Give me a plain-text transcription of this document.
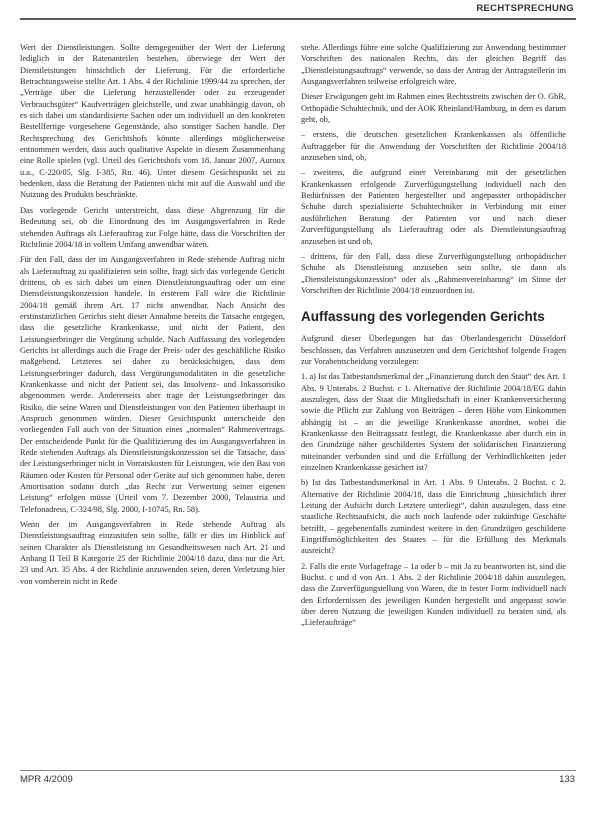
RECHTSPRECHUNG

Wert der Dienstleistungen. Sollte demgegenüber der Wert der Lieferung lediglich in der Ratenanteilen bestehen, überwiege der Wert der Dienstleistungen hinsichtlich der Lieferung. Für die erforderliche Betrachtungsweise stellte Art. 1 Abs. 4 der Richtlinie 1999/44 zu sprechen, der „Verträge über die Lieferung herzustellender oder zu erzeugender Verbrauchsgüter“ Kaufverträgen gleichstelle, und zwar unabhängig davon, ob es sich dabei um standardisierte Sachen oder um individuell an den konkreten Bestellfertige vorgesehene Gegenstände, also sonstiger Sachen handle. Der Rechtsprechung des Gerichtshofs könnte allerdings möglicherweise entnommen werden, dass auch qualitative Aspekte in diesem Zusammenhang eine Rolle spielen (vgl. Urteil des Gerichtshofs vom 18. Januar 2007, Auroux u.a., C-220/05, Slg. I-385, Rn. 46). Unter diesem Gesichtspunkt sei zu bedenken, dass die Beratung der Patienten nicht mit auf die Auswahl und die Nutzung des Produkts beschränkte.

Das vorlegende Gericht unterstreicht, dass diese Abgrenzung für die Bedeutung sei, ob die Einordnung des im Ausgangsverfahren in Rede stehenden Auftrags als Lieferauftrag zur Folge hätte, dass die Vorschriften der Richtlinie 2004/18 in vollem Umfang anwendbar wären.

Für den Fall, dass der im Ausgangsverfahren in Rede stehende Auftrag nicht als Lieferauftrag zu qualifizieren sein sollte, fragt sich das vorlegende Gericht drittens, ob es sich dabei um einen Dienstleistungsauftrag oder um eine Dienstleistungskonzession handele. In ersterem Fall wäre die Richtlinie 2004/18 gemäß ihrem Art. 17 nicht anwendbar. Nach Ansicht des erstinstanzlichen Gerichts steht dieser Annahme bereits die Tatsache entgegen, dass die gesetzliche Krankenkasse, und nicht der Patient, den Leistungserbringer die Vergütung schulde. Nach Auffassung des vorlegenden Gerichts ist allerdings auch die Frage der Preis- oder des geschäftliche Risiko maßgebend. Letzteres sei daher zu berücksichtigen, dass dem Leistungserbringer dadurch, dass Vergütungsmodalitäten in die gesetzliche Krankenkasse und nicht der Patient sei, das Insolvenz- und Inkassorisiko abgenommen werde. Andererseits aber trage der Leistungserbringer das Risiko, die seine Waren und Dienstleistungen von den Patienten überhaupt in Anspruch genommen würden. Dieser Gesichtspunkt unterscheide den vorliegenden Fall auch von der Situation eines „normalen“ Rahmenvertrags. Der entscheidende Punkt für die Qualifizierung des im Ausgangsverfahren in Rede stehenden Auftrags als Dienstleistungskonzession sei die Tatsache, dass der Leistungserbringer nicht in Vorratskosten für Leistungen, wie den Bau von Räumen oder Kosten für Personal oder Geräte auf sich genommen habe, deren Amortisation sodann durch „das Recht zur Verwertung seiner eigenen Leistung“ erfolgen müsse (Urteil vom 7. Dezember 2000, Telaustria und Telefonadress, C-324/98, Slg. 2000, I-10745, Rn. 58).

Wenn der im Ausgangsverfahren in Rede stehende Auftrag als Dienstleistungsauftrag einzustufen sein sollte, fällt er dies im Hinblick auf seinen Charakter als Dienstleistung im Gesundheitswesen nach Art. 21 und Anhang II Teil B Kategorie 25 der Richtlinie 2004/18 dazu, dass nur die Art. 23 und Art. 35 Abs. 4 der Richtlinie anzuwenden seien, deren Verletzung hier von vornherein nicht in Rede

stehe. Allerdings führe eine solche Qualifizierung zur Anwendung bestimmter Vorschriften des nationalen Rechts, das der gleichen Begriff das „Dienstleistungsauftrags“ verwende, so dass der Antrag der Antragstellerin im Ausgangsverfahren teilweise erfolgreich wäre.

Dieser Erwägungen geht im Rahmen eines Rechtsstreits zwischen der O. GbR, Orthopädie Schuhtechnik, und der AOK Rheinland/Hamburg, in dem es darum geht, ob,

– erstens, die deutschen gesetzlichen Krankenkassen als öffentliche Auftraggeber für die Anwendung der Vorschriften der Richtlinie 2004/18 anzusehen sind, ob,

– zweitens, die aufgrund einer Vereinbarung mit der gesetzlichen Krankenkassen erfolgende Zurverfügungstellung individuell nach den Bedürfnissen der Patienten hergestellter und angepasster orthopädischer Schuhe durch spezialisierte Schuhtechniker in Verbindung mit einer ausführlichen Beratung der Patienten vor und nach dieser Zurverfügungstellung als Lieferauftrag oder als Dienstleistungsauftrag anzusehen ist und ob,

– drittens, für den Fall, dass diese Zurverfügungstellung orthopädischer Schuhe als Dienstleistung anzusehen sein sollte, sie dann als „Dienstleistungskonzession“ oder als „Rahmenvereinbarung“ im Sinne der Vorschriften der Richtlinie 2004/18 einzuordnen ist.

Auffassung des vorlegenden Gerichts

Aufgrund dieser Überlegungen hat das Oberlandesgericht Düsseldorf beschlossen, das Verfahren auszusetzen und dem Gerichtshof folgende Fragen zur Vorabentscheidung vorzulegen:

1. a) Ist das Tatbestandsmerkmal der „Finanzierung durch den Staat“ des Art. 1 Abs. 9 Unterabs. 2 Buchst. c 1. Alternative der Richtlinie 2004/18/EG dahin auszulegen, dass der Staat die Mitgliedschaft in einer Krankenversicherung sowie die Pflicht zur Zahlung von Beiträgen – deren Höhe vom Einkommen abhängig ist – an die jeweilige Krankenkasse anordnet, wobei die Krankenkasse den Beitragssatz festlegt, die Krankenkasse aber durch ein in den Grundzüge näher geschildertes System der solidarischen Finanzierung miteinander verbunden sind und die Erfüllung der Verbindlichkeiten jeder einzelnen Krankenkasse gesichert ist?

b) Ist das Tatbestandsmerkmal in Art. 1 Abs. 9 Unterabs. 2 Buchst. c 2. Alternative der Richtlinie 2004/18, dass die Einrichtung „hinsichtlich ihrer Leitung der Aufsicht durch Letztere unterliegt“, dahin auszulegen, dass eine staatliche Rechtsaufsicht, die auch noch laufende oder zukünftige Geschäfte betrifft, – gegebenenfalls zumindest weitere in den Grundzügen geschilderte Eingriffsmöglichkeiten des Staates – für die Erfüllung des Merkmals ausreicht?

2. Falls die erste Vorlagefrage – 1a oder b – mit Ja zu beantworten ist, sind die Buchst. c und d von Art. 1 Abs. 2 der Richtlinie 2004/18 dahin auszulegen, dass die Zurverfügungstellung von Waren, die in fester Form individuell nach den Erfordernissen des jeweiligen Kunden hergestellt und angepasst sowie über deren Nutzung die jeweiligen Kunden individuell zu beraten sind, als „Lieferaufträge“

MPR 4/2009	133
